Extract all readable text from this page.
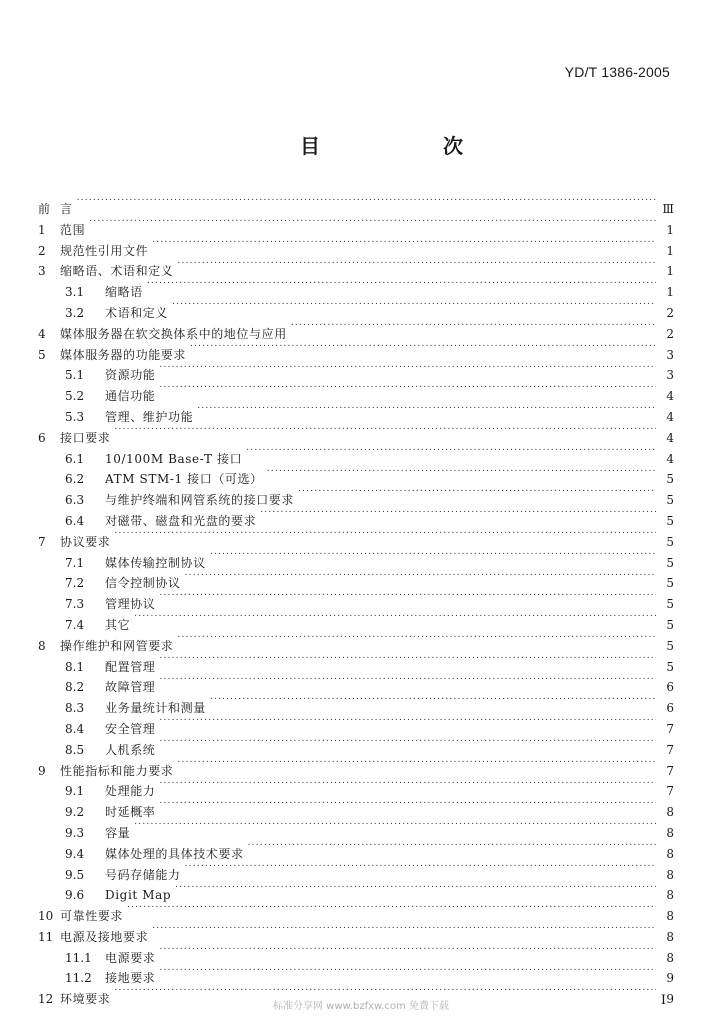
YD/T 1386-2005
目 次
前 言 .....	Ⅲ
1	范围 .....	1
2	规范性引用文件 .....	1
3	缩略语、术语和定义 .....	1
3.1	缩略语 .....	1
3.2	术语和定义 .....	2
4	媒体服务器在软交换体系中的地位与应用 .....	2
5	媒体服务器的功能要求 .....	3
5.1	资源功能 .....	3
5.2	通信功能 .....	4
5.3	管理、维护功能 .....	4
6	接口要求 .....	4
6.1	10/100M Base-T 接口 .....	4
6.2	ATM STM-1 接口（可选） .....	5
6.3	与维护终端和网管系统的接口要求 .....	5
6.4	对磁带、磁盘和光盘的要求 .....	5
7	协议要求 .....	5
7.1	媒体传输控制协议 .....	5
7.2	信令控制协议 .....	5
7.3	管理协议 .....	5
7.4	其它 .....	5
8	操作维护和网管要求 .....	5
8.1	配置管理 .....	5
8.2	故障管理 .....	6
8.3	业务量统计和测量 .....	6
8.4	安全管理 .....	7
8.5	人机系统 .....	7
9	性能指标和能力要求 .....	7
9.1	处理能力 .....	7
9.2	时延概率 .....	8
9.3	容量 .....	8
9.4	媒体处理的具体技术要求 .....	8
9.5	号码存储能力 .....	8
9.6	Digit Map .....	8
10 可靠性要求 .....	8
11 电源及接地要求 .....	8
11.1	电源要求 .....	8
11.2	接地要求 .....	9
12 环境要求 .....	9
标准分享网 www.bzfxw.com 免费下载	I
